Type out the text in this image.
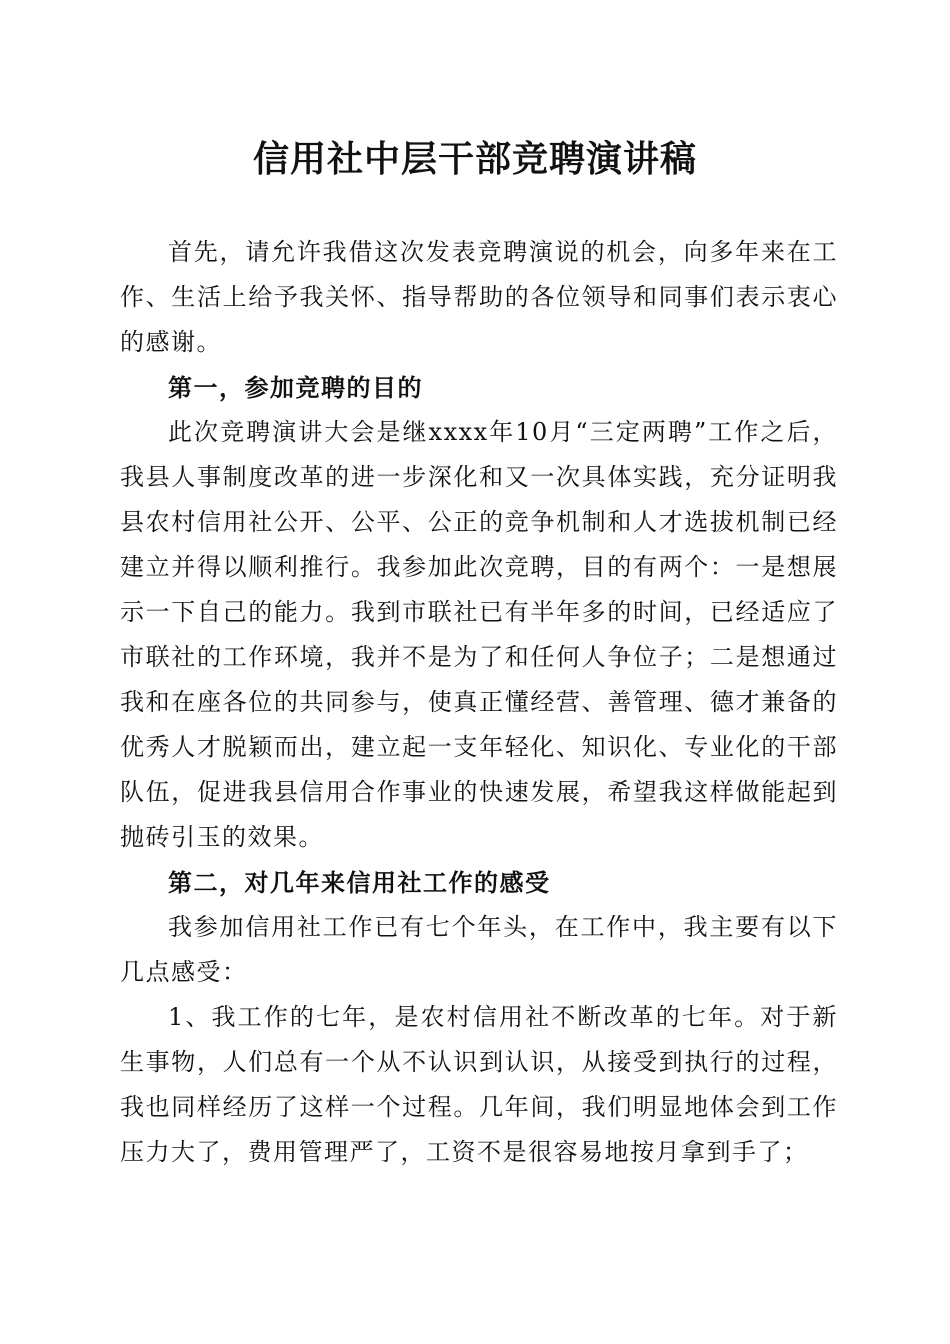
信用社中层干部竞聘演讲稿

首先，请允许我借这次发表竞聘演说的机会，向多年来在工作、生活上给予我关怀、指导帮助的各位领导和同事们表示衷心的感谢。

第一，参加竞聘的目的

此次竞聘演讲大会是继xxxx年10月“三定两聘”工作之后，我县人事制度改革的进一步深化和又一次具体实践，充分证明我县农村信用社公开、公平、公正的竞争机制和人才选拔机制已经建立并得以顺利推行。我参加此次竞聘，目的有两个：一是想展示一下自己的能力。我到市联社已有半年多的时间，已经适应了市联社的工作环境，我并不是为了和任何人争位子；二是想通过我和在座各位的共同参与，使真正懂经营、善管理、德才兼备的优秀人才脱颖而出，建立起一支年轻化、知识化、专业化的干部队伍，促进我县信用合作事业的快速发展，希望我这样做能起到抛砖引玉的效果。

第二，对几年来信用社工作的感受

我参加信用社工作已有七个年头，在工作中，我主要有以下几点感受：

1、我工作的七年，是农村信用社不断改革的七年。对于新生事物，人们总有一个从不认识到认识，从接受到执行的过程，我也同样经历了这样一个过程。几年间，我们明显地体会到工作压力大了，费用管理严了，工资不是很容易地按月拿到手了；
